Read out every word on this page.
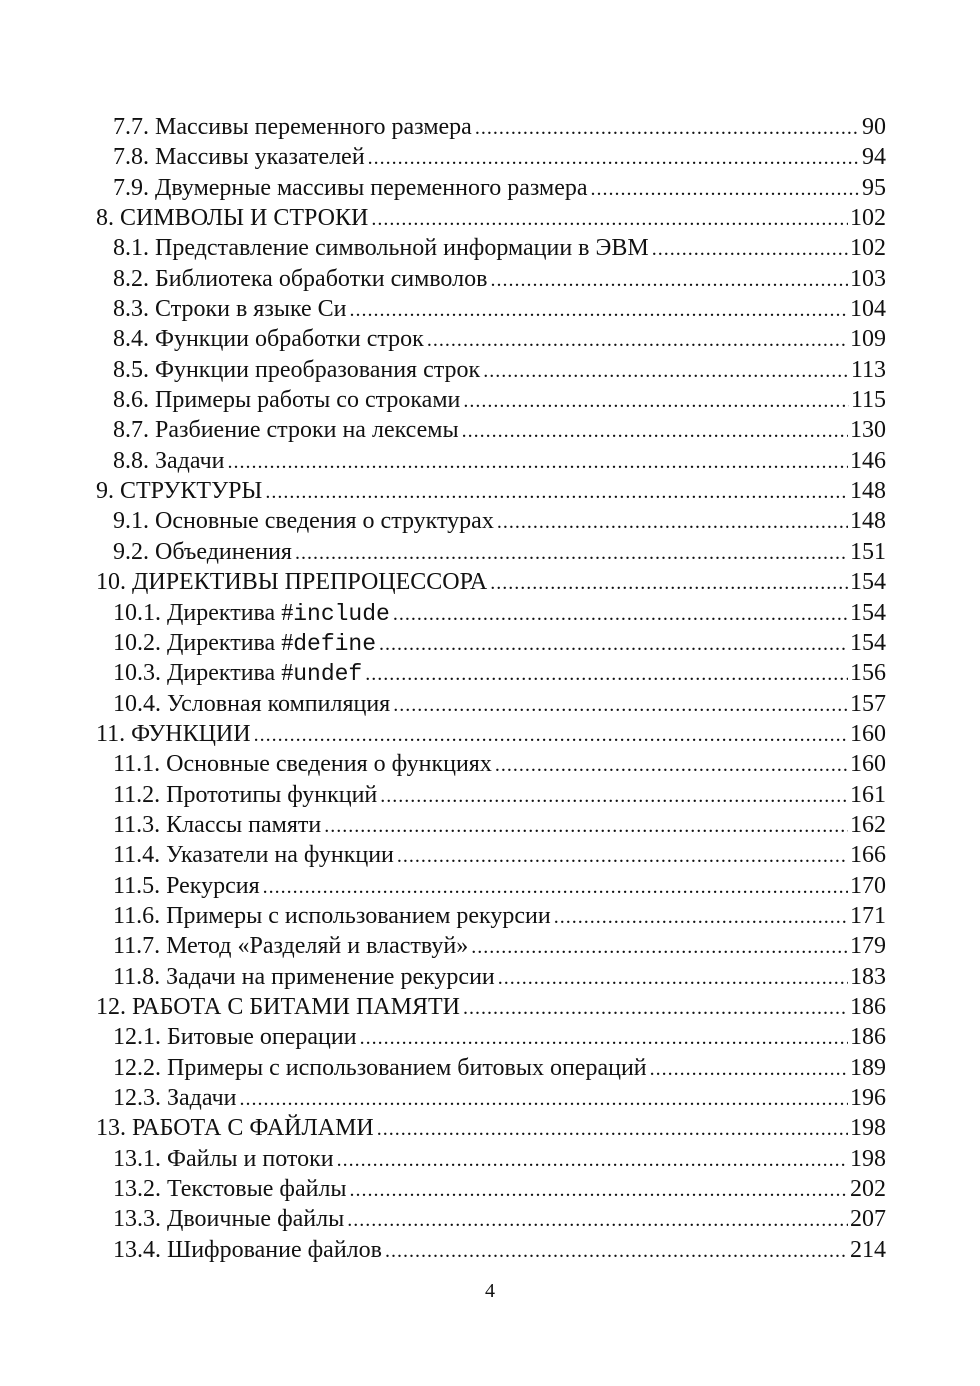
7.7. Массивы переменного размера .....	90
7.8. Массивы указателей .....	94
7.9. Двумерные массивы переменного размера .....	95
8. СИМВОЛЫ И СТРОКИ .....	102
8.1. Представление символьной информации в ЭВМ .....	102
8.2. Библиотека обработки символов .....	103
8.3. Строки в языке Си .....	104
8.4. Функции обработки строк .....	109
8.5. Функции преобразования строк .....	113
8.6. Примеры работы со строками .....	115
8.7. Разбиение строки на лексемы .....	130
8.8. Задачи .....	146
9. СТРУКТУРЫ .....	148
9.1. Основные сведения о структурах .....	148
9.2. Объединения .....	151
10. ДИРЕКТИВЫ ПРЕПРОЦЕССОРА .....	154
10.1. Директива #include .....	154
10.2. Директива #define .....	154
10.3. Директива #undef .....	156
10.4. Условная компиляция .....	157
11. ФУНКЦИИ .....	160
11.1. Основные сведения о функциях .....	160
11.2. Прототипы функций .....	161
11.3. Классы памяти .....	162
11.4. Указатели на функции .....	166
11.5. Рекурсия .....	170
11.6. Примеры с использованием рекурсии .....	171
11.7. Метод «Разделяй и властвуй» .....	179
11.8. Задачи на применение рекурсии .....	183
12. РАБОТА С БИТАМИ ПАМЯТИ .....	186
12.1. Битовые операции .....	186
12.2. Примеры с использованием битовых операций .....	189
12.3. Задачи .....	196
13. РАБОТА С ФАЙЛАМИ .....	198
13.1. Файлы и потоки .....	198
13.2. Текстовые файлы .....	202
13.3. Двоичные файлы .....	207
13.4. Шифрование файлов .....	214
4
